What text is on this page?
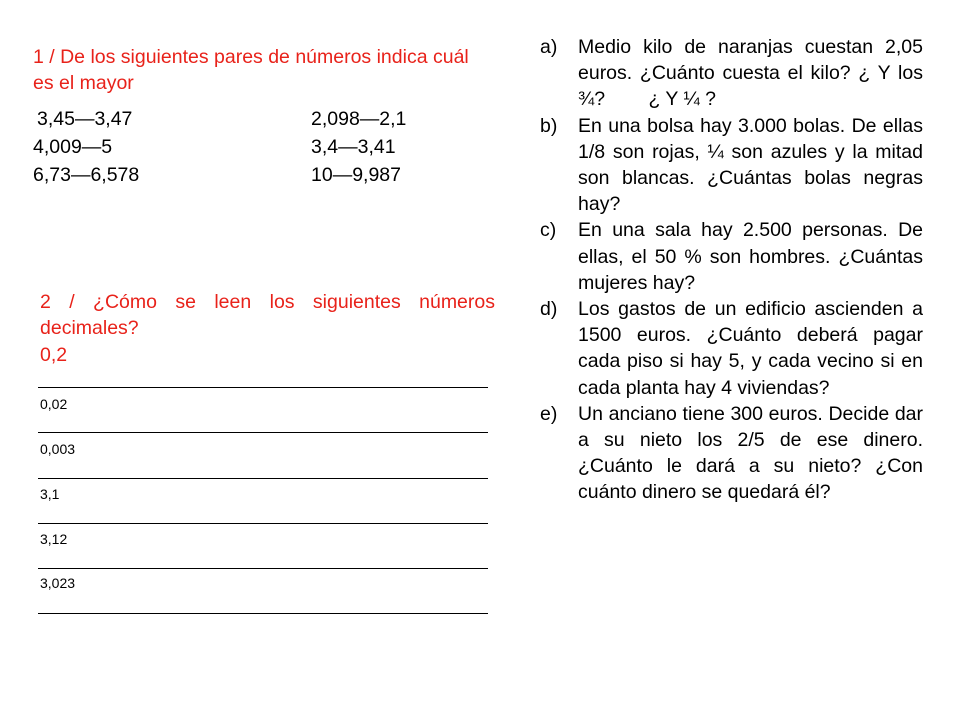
1 / De los siguientes pares de números indica cuál es el mayor
3,45—3,47	2,098—2,1
4,009—5	3,4—3,41
6,73—6,578	10—9,987
2 / ¿Cómo se leen los siguientes números decimales?
0,2
0,02
0,003
3,1
3,12
3,023
a) Medio kilo de naranjas cuestan 2,05 euros. ¿Cuánto cuesta el kilo? ¿ Y los ¾?        ¿ Y ¼ ?
b) En una bolsa hay 3.000 bolas. De ellas 1/8 son rojas, ¼ son azules y la mitad son blancas. ¿Cuántas bolas negras hay?
c) En una sala hay 2.500 personas. De ellas, el 50 % son hombres. ¿Cuántas mujeres hay?
d) Los gastos de un edificio ascienden a 1500 euros. ¿Cuánto deberá pagar cada piso si hay 5, y cada vecino si en cada planta hay 4 viviendas?
e) Un anciano tiene 300 euros. Decide dar a su nieto los 2/5 de ese dinero. ¿Cuánto le dará a su nieto? ¿Con cuánto dinero se quedará él?
